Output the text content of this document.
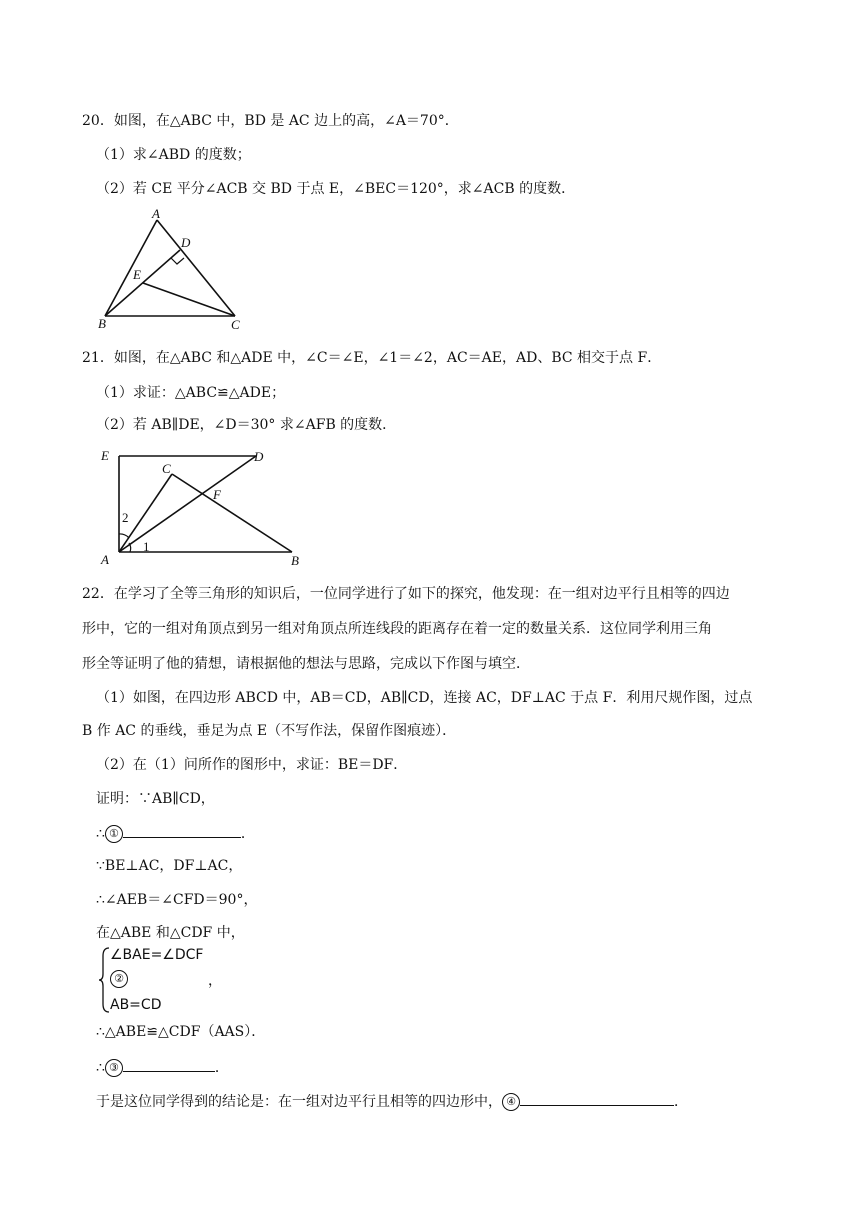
20．如图，在△ABC 中，BD 是 AC 边上的高，∠A＝70°．
（1）求∠ABD 的度数；
（2）若 CE 平分∠ACB 交 BD 于点 E，∠BEC＝120°，求∠ACB 的度数．
A
D
E
B	C
21．如图，在△ABC 和△ADE 中，∠C＝∠E，∠1＝∠2，AC＝AE，AD、BC 相交于点 F．
（1）求证：△ABC≌△ADE；
（2）若 AB∥DE，∠D＝30° 求∠AFB 的度数．
E
C
D
F
A	B
2
1
22．在学习了全等三角形的知识后，一位同学进行了如下的探究，他发现：在一组对边平行且相等的四边
形中，它的一组对角顶点到另一组对角顶点所连线段的距离存在着一定的数量关系．这位同学利用三角
形全等证明了他的猜想，请根据他的想法与思路，完成以下作图与填空．
（1）如图，在四边形 ABCD 中，AB＝CD，AB∥CD，连接 AC，DF⊥AC 于点 F．利用尺规作图，过点
B 作 AC 的垂线，垂足为点 E（不写作法，保留作图痕迹）．
（2）在（1）问所作的图形中，求证：BE＝DF．
证明：∵AB∥CD，
∴ ①	．
∵BE⊥AC，DF⊥AC，
∴∠AEB＝∠CFD＝90°，
在△ABE 和△CDF 中，
∠BAE=∠DCF
②
AB=CD
，
∴△ABE≌△CDF（AAS）．
∴ ③	．
于是这位同学得到的结论是：在一组对边平行且相等的四边形中， ④	．
